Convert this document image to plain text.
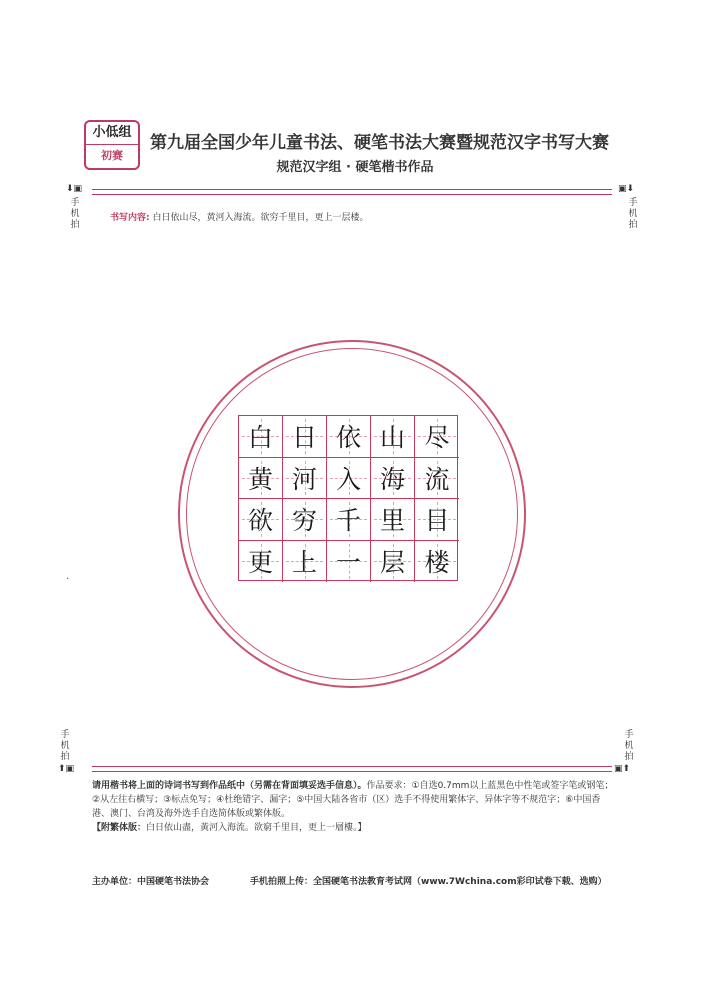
小低组
初赛
第九届全国少年儿童书法、硬笔书法大赛暨规范汉字书写大赛
规范汉字组 · 硬笔楷书作品
⬇▣	▣⬇
手机拍
手机拍
书写内容: 白日依山尽，黄河入海流。欲穷千里目，更上一层楼。
白 日 依 山 尽
黄 河 入 海 流
欲 穷 千 里 目
更 上 一 层 楼
·
手机拍
手机拍
⬆▣	▣⬆
请用楷书将上面的诗词书写到作品纸中（另需在背面填妥选手信息）。作品要求：①自选0.7mm以上蓝黑色中性笔或签字笔或钢笔；②从左往右横写；③标点免写；④杜绝错字、漏字；⑤中国大陆各省市（区）选手不得使用繁体字、异体字等不规范字；⑥中国香港、澳门、台湾及海外选手自选简体版或繁体版。
【附繁体版：白日依山盡，黃河入海流。欲窮千里目，更上一層樓。】
主办单位：中国硬笔书法协会	手机拍照上传：全国硬笔书法教育考试网（www.7Wchina.com彩印试卷下载、选购）
